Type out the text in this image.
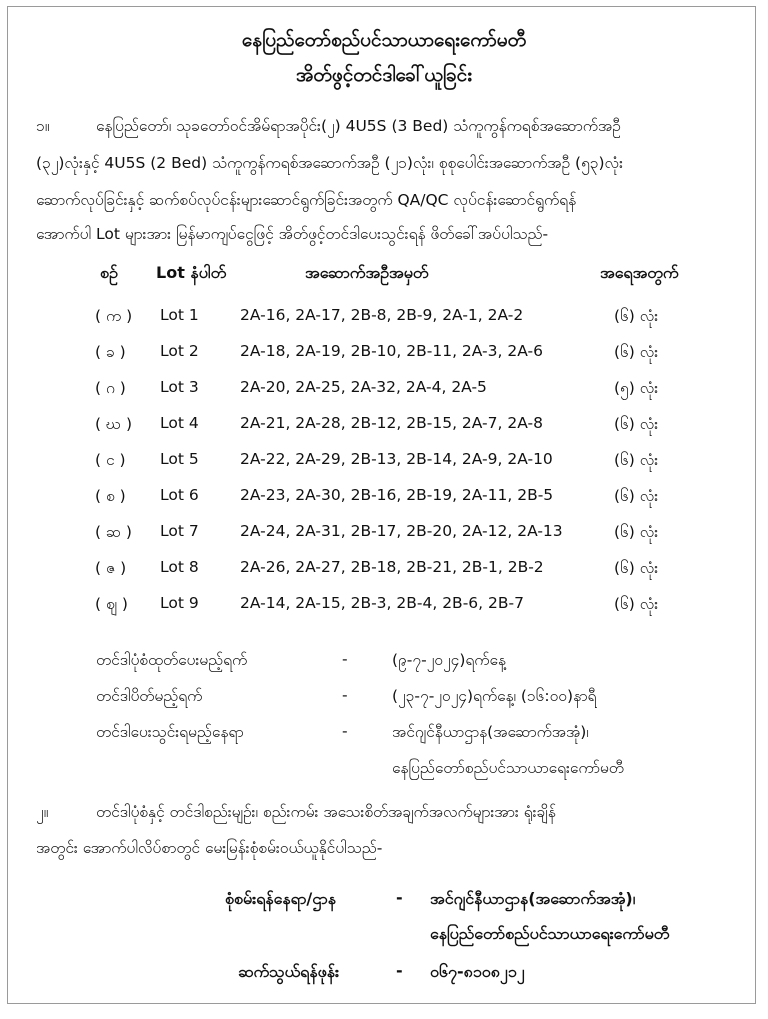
နေပြည်တော်စည်ပင်သာယာရေးကော်မတီ
အိတ်ဖွင့်တင်ဒါခေါ်ယူခြင်း
၁။	နေပြည်တော်၊ သုခတော်ဝင်အိမ်ရာအပိုင်း(၂) 4U5S (3 Bed) သံကူကွန်ကရစ်အဆောက်အဦ
(၃၂)လုံးနှင့် 4U5S (2 Bed) သံကူကွန်ကရစ်အဆောက်အဦ (၂၁)လုံး၊ စုစုပေါင်းအဆောက်အဦ (၅၃)လုံး
ဆောက်လုပ်ခြင်းနှင့် ဆက်စပ်လုပ်ငန်းများဆောင်ရွက်ခြင်းအတွက် QA/QC လုပ်ငန်းဆောင်ရွက်ရန်
အောက်ပါ Lot များအား မြန်မာကျပ်ငွေဖြင့် အိတ်ဖွင့်တင်ဒါပေးသွင်းရန် ဖိတ်ခေါ်အပ်ပါသည်-
စဉ် Lot နံပါတ်	အဆောက်အဦအမှတ်	အရေအတွက်
( က ) Lot 1	2A-16, 2A-17, 2B-8, 2B-9, 2A-1, 2A-2	(၆) လုံး
( ခ ) Lot 2	2A-18, 2A-19, 2B-10, 2B-11, 2A-3, 2A-6	(၆) လုံး
( ဂ ) Lot 3	2A-20, 2A-25, 2A-32, 2A-4, 2A-5	(၅) လုံး
( ဃ ) Lot 4	2A-21, 2A-28, 2B-12, 2B-15, 2A-7, 2A-8	(၆) လုံး
( င ) Lot 5	2A-22, 2A-29, 2B-13, 2B-14, 2A-9, 2A-10	(၆) လုံး
( စ ) Lot 6	2A-23, 2A-30, 2B-16, 2B-19, 2A-11, 2B-5	(၆) လုံး
( ဆ ) Lot 7	2A-24, 2A-31, 2B-17, 2B-20, 2A-12, 2A-13	(၆) လုံး
( ဇ ) Lot 8	2A-26, 2A-27, 2B-18, 2B-21, 2B-1, 2B-2	(၆) လုံး
( ဈ ) Lot 9	2A-14, 2A-15, 2B-3, 2B-4, 2B-6, 2B-7	(၆) လုံး
တင်ဒါပုံစံထုတ်ပေးမည့်ရက်	-	(၉-၇-၂၀၂၄)ရက်နေ့
တင်ဒါပိတ်မည့်ရက်	-	(၂၃-၇-၂၀၂၄)ရက်နေ့၊ (၁၆:၀၀)နာရီ
တင်ဒါပေးသွင်းရမည့်နေရာ	-	အင်ဂျင်နီယာဌာန(အဆောက်အအုံ)၊
နေပြည်တော်စည်ပင်သာယာရေးကော်မတီ
၂။	တင်ဒါပုံစံနှင့် တင်ဒါစည်းမျဉ်း၊ စည်းကမ်း အသေးစိတ်အချက်အလက်များအား ရုံးချိန်
အတွင်း အောက်ပါလိပ်စာတွင် မေးမြန်းစုံစမ်းဝယ်ယူနိုင်ပါသည်-
စုံစမ်းရန်နေရာ/ဌာန	- အင်ဂျင်နီယာဌာန(အဆောက်အအုံ)၊
နေပြည်တော်စည်ပင်သာယာရေးကော်မတီ
ဆက်သွယ်ရန်ဖုန်း	- ၀၆၇-၈၁၀၈၂၁၂
